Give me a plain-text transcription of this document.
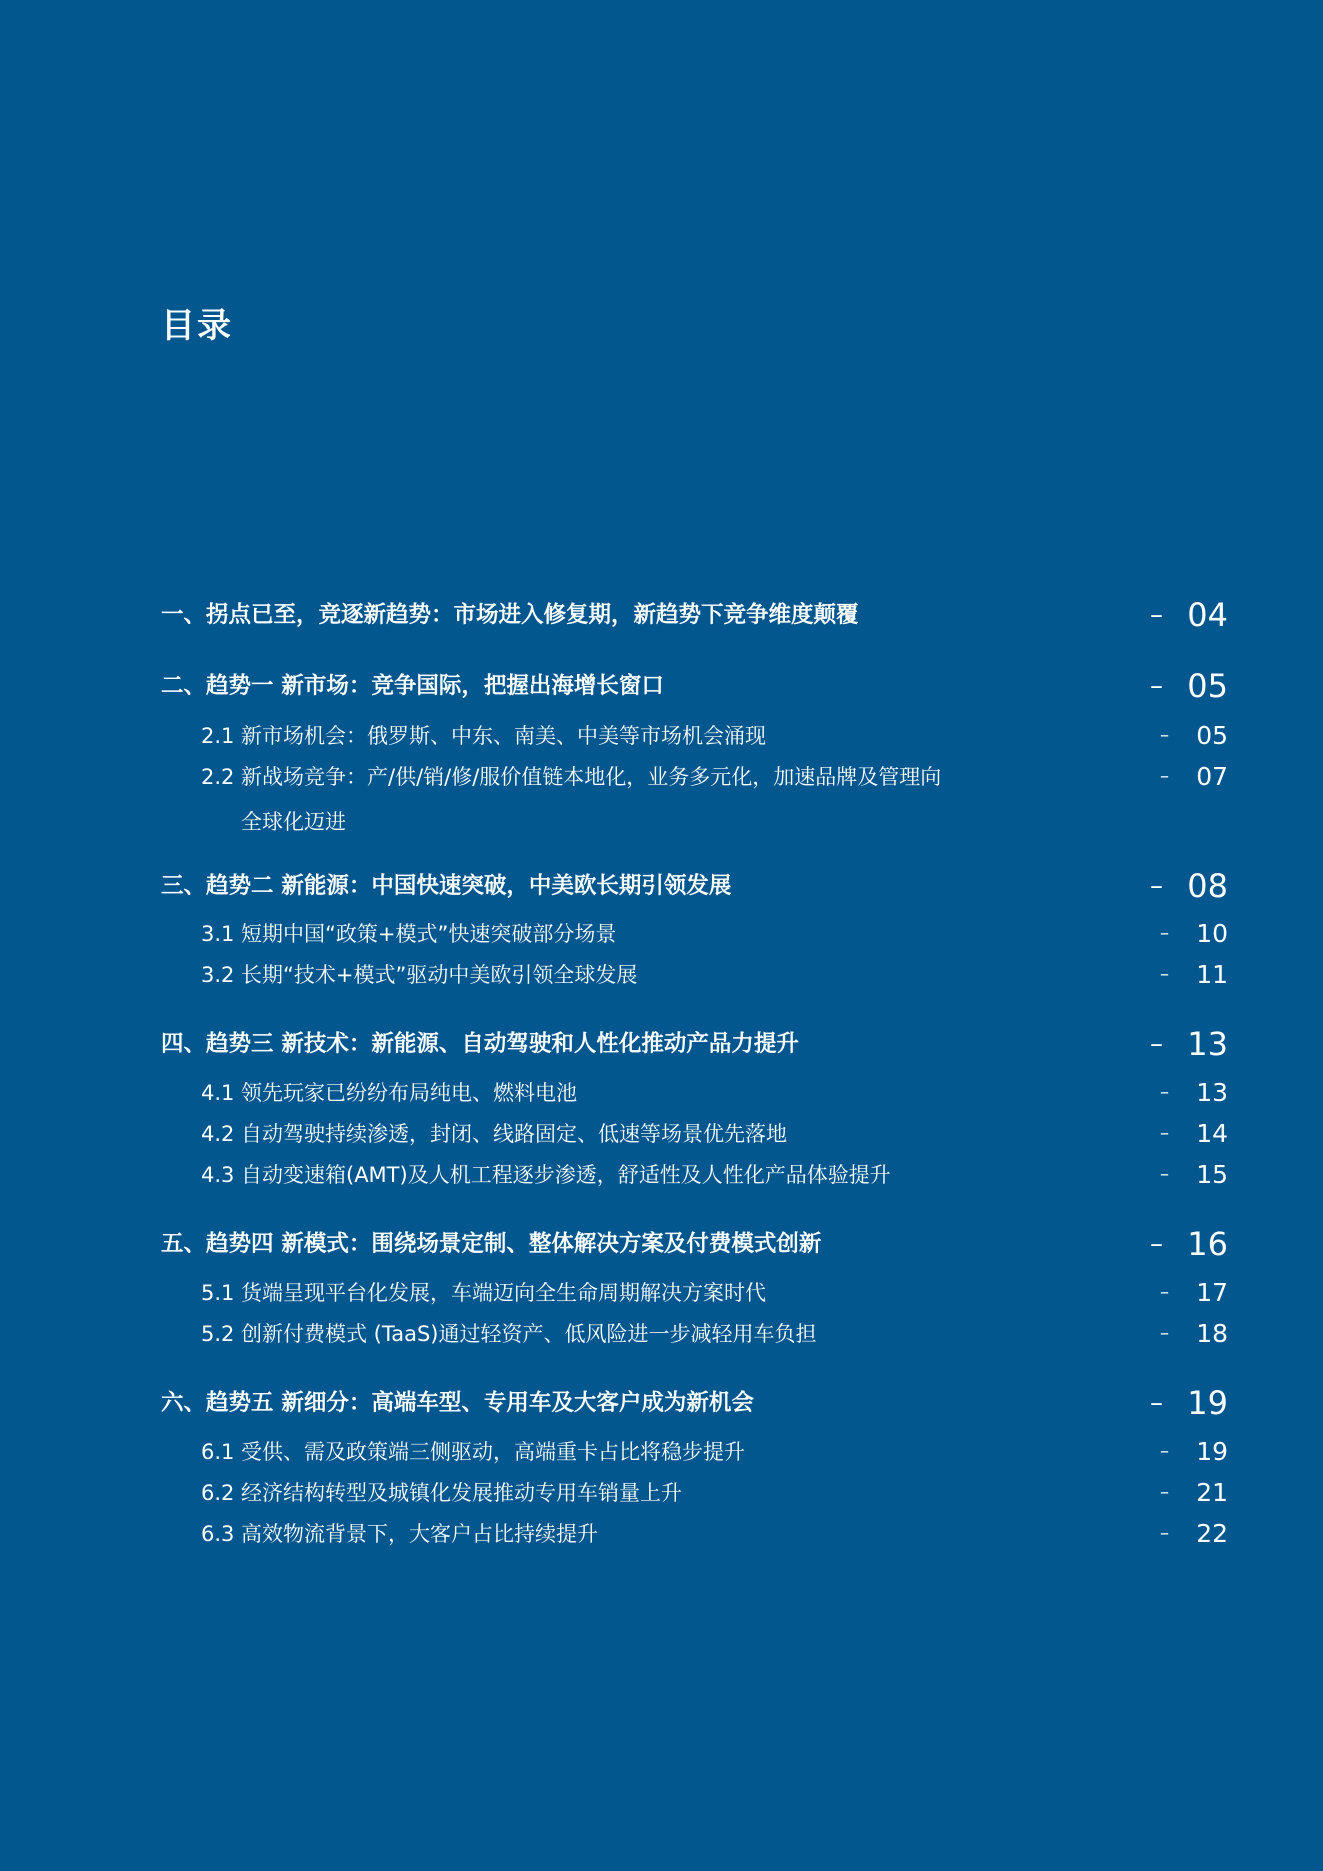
目录
一、拐点已至，竞逐新趋势：市场进入修复期，新趋势下竞争维度颠覆	– 04
二、趋势一 新市场：竞争国际，把握出海增长窗口	– 05
2.1 新市场机会：俄罗斯、中东、南美、中美等市场机会涌现	–	05
2.2 新战场竞争：产/供/销/修/服价值链本地化，业务多元化，加速品牌及管理向	–	07
全球化迈进
三、趋势二 新能源：中国快速突破，中美欧长期引领发展	– 08
3.1 短期中国“政策+模式”快速突破部分场景	–	10
3.2 长期“技术+模式”驱动中美欧引领全球发展	–	11
四、趋势三 新技术：新能源、自动驾驶和人性化推动产品力提升	– 13
4.1 领先玩家已纷纷布局纯电、燃料电池	–	13
4.2 自动驾驶持续渗透，封闭、线路固定、低速等场景优先落地	–	14
4.3 自动变速箱(AMT)及人机工程逐步渗透，舒适性及人性化产品体验提升	–	15
五、趋势四 新模式：围绕场景定制、整体解决方案及付费模式创新	– 16
5.1 货端呈现平台化发展，车端迈向全生命周期解决方案时代	–	17
5.2 创新付费模式 (TaaS)通过轻资产、低风险进一步减轻用车负担	–	18
六、趋势五 新细分：高端车型、专用车及大客户成为新机会	– 19
6.1 受供、需及政策端三侧驱动，高端重卡占比将稳步提升	–	19
6.2 经济结构转型及城镇化发展推动专用车销量上升	–	21
6.3 高效物流背景下，大客户占比持续提升	–	22
